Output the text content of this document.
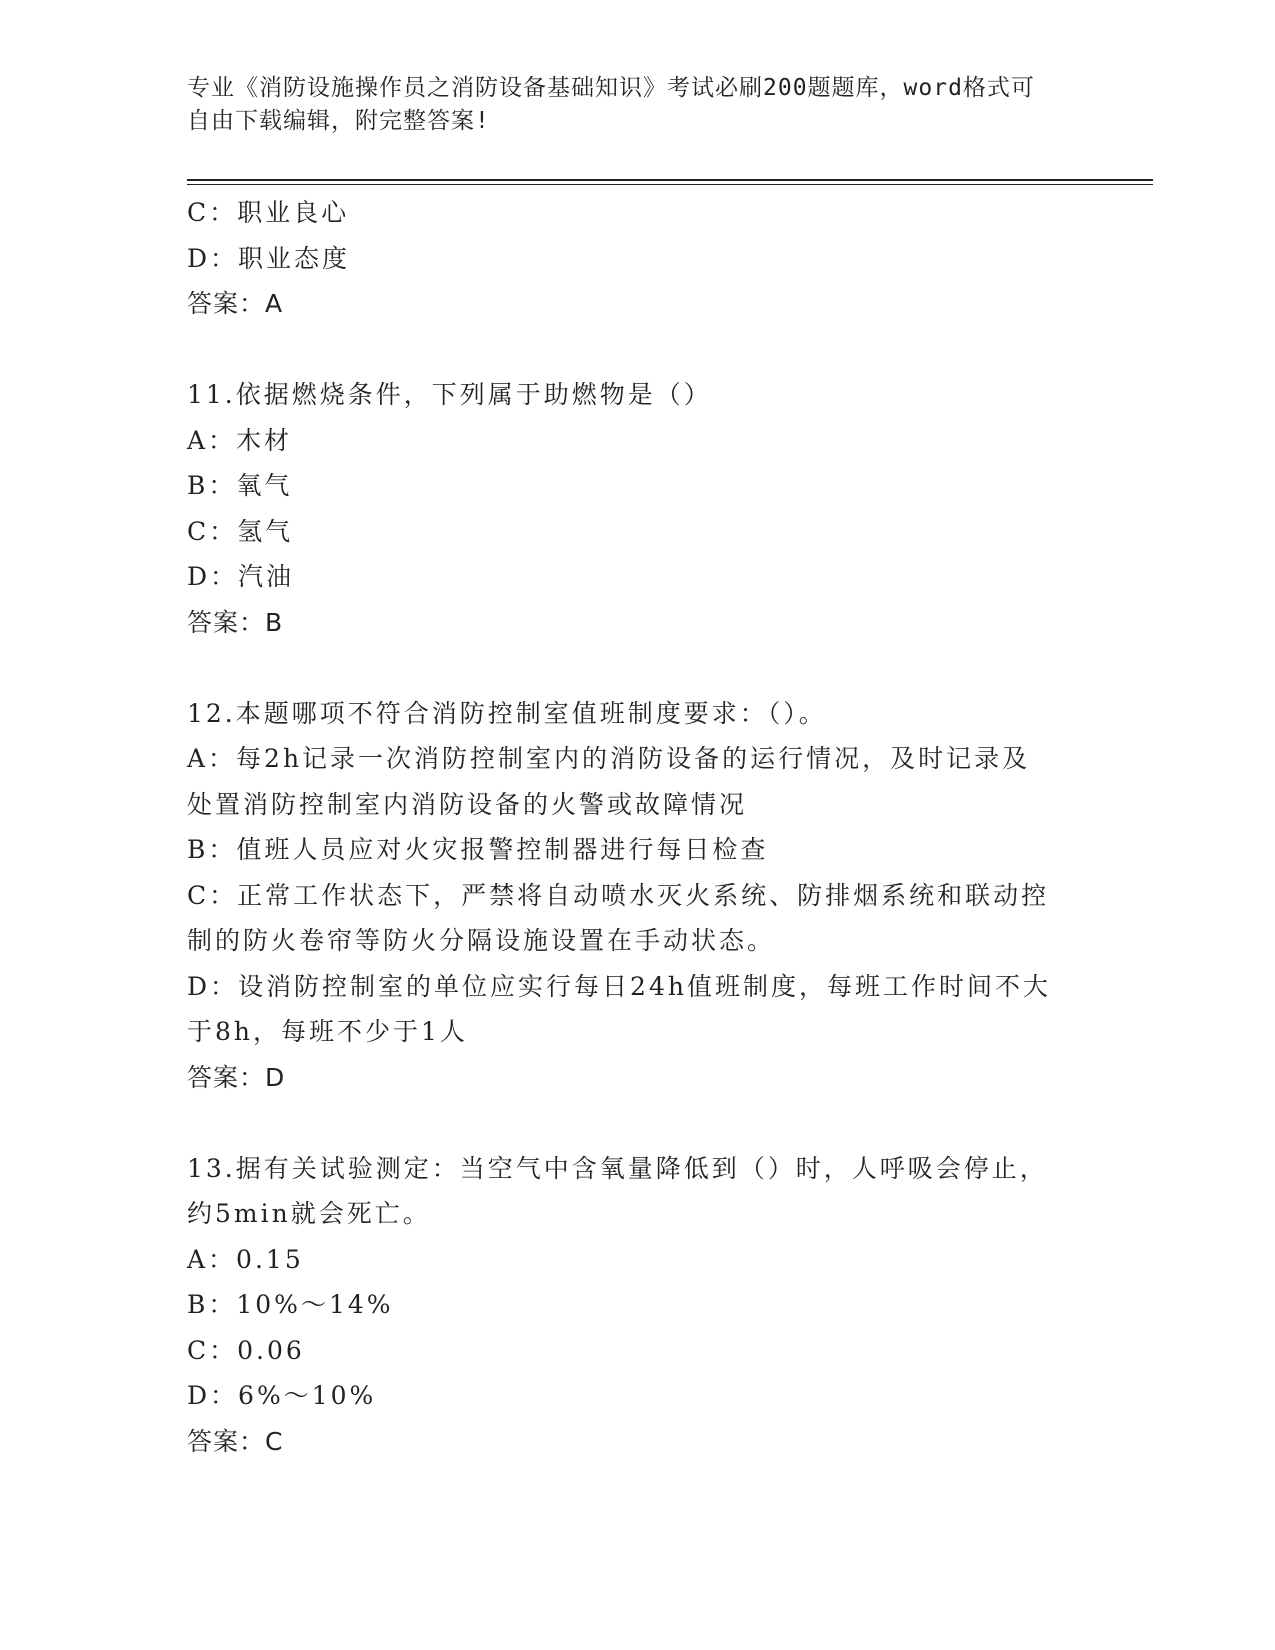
专业《消防设施操作员之消防设备基础知识》考试必刷200题题库，word格式可
自由下载编辑，附完整答案!

C：职业良心

D：职业态度

答案：A

11.依据燃烧条件，下列属于助燃物是（）

A：木材

B：氧气

C：氢气

D：汽油

答案：B

12.本题哪项不符合消防控制室值班制度要求：（）。

A：每2h记录一次消防控制室内的消防设备的运行情况，及时记录及

处置消防控制室内消防设备的火警或故障情况

B：值班人员应对火灾报警控制器进行每日检查

C：正常工作状态下，严禁将自动喷水灭火系统、防排烟系统和联动控

制的防火卷帘等防火分隔设施设置在手动状态。

D：设消防控制室的单位应实行每日24h值班制度，每班工作时间不大

于8h，每班不少于1人

答案：D

13.据有关试验测定：当空气中含氧量降低到（）时，人呼吸会停止，

约5min就会死亡。

A：0.15

B：10%～14%

C：0.06

D：6%～10%

答案：C
